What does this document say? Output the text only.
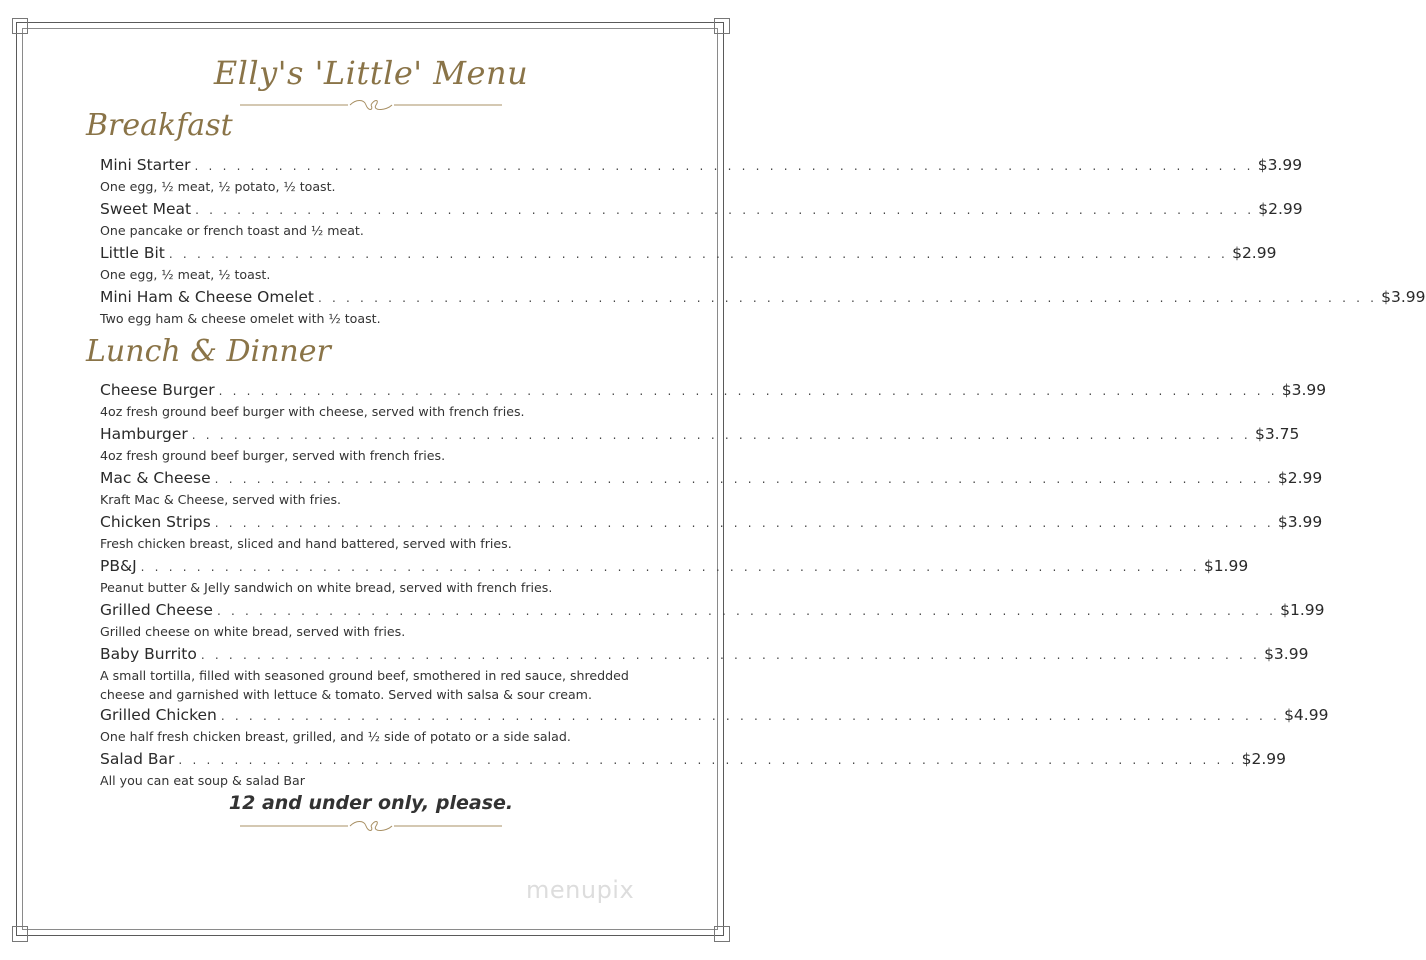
Elly's 'Little' Menu
Breakfast
Mini Starter . . . . . . . . . . . . . . . . . . . . . . . . . . . . . . . . . . . . . . . . . . . . . . . . . . . . . . . . . . . . . . . . . . . . . . . . . . . . $3.99
One egg, ½ meat, ½ potato, ½ toast.
Sweet Meat . . . . . . . . . . . . . . . . . . . . . . . . . . . . . . . . . . . . . . . . . . . . . . . . . . . . . . . . . . . . . . . . . . . . . . . . . . . . $2.99
One pancake or french toast and ½ meat.
Little Bit . . . . . . . . . . . . . . . . . . . . . . . . . . . . . . . . . . . . . . . . . . . . . . . . . . . . . . . . . . . . . . . . . . . . . . . . . . . . $2.99
One egg, ½ meat, ½ toast.
Mini Ham & Cheese Omelet . . . . . . . . . . . . . . . . . . . . . . . . . . . . . . . . . . . . . . . . . . . . . . . . . . . . . . . . . . . . . . . . . . . . . . . . . . . . $3.99
Two egg ham & cheese omelet with ½ toast.
Lunch & Dinner
Cheese Burger . . . . . . . . . . . . . . . . . . . . . . . . . . . . . . . . . . . . . . . . . . . . . . . . . . . . . . . . . . . . . . . . . . . . . . . . . . . . $3.99
4oz fresh ground beef burger with cheese, served with french fries.
Hamburger . . . . . . . . . . . . . . . . . . . . . . . . . . . . . . . . . . . . . . . . . . . . . . . . . . . . . . . . . . . . . . . . . . . . . . . . . . . . $3.75
4oz fresh ground beef burger, served with french fries.
Mac & Cheese . . . . . . . . . . . . . . . . . . . . . . . . . . . . . . . . . . . . . . . . . . . . . . . . . . . . . . . . . . . . . . . . . . . . . . . . . . . . $2.99
Kraft Mac & Cheese, served with fries.
Chicken Strips . . . . . . . . . . . . . . . . . . . . . . . . . . . . . . . . . . . . . . . . . . . . . . . . . . . . . . . . . . . . . . . . . . . . . . . . . . . . $3.99
Fresh chicken breast, sliced and hand battered, served with fries.
PB&J . . . . . . . . . . . . . . . . . . . . . . . . . . . . . . . . . . . . . . . . . . . . . . . . . . . . . . . . . . . . . . . . . . . . . . . . . . . . $1.99
Peanut butter & Jelly sandwich on white bread, served with french fries.
Grilled Cheese . . . . . . . . . . . . . . . . . . . . . . . . . . . . . . . . . . . . . . . . . . . . . . . . . . . . . . . . . . . . . . . . . . . . . . . . . . . . $1.99
Grilled cheese on white bread, served with fries.
Baby Burrito . . . . . . . . . . . . . . . . . . . . . . . . . . . . . . . . . . . . . . . . . . . . . . . . . . . . . . . . . . . . . . . . . . . . . . . . . . . . $3.99
A small tortilla, filled with seasoned ground beef, smothered in red sauce, shredded cheese and garnished with lettuce & tomato. Served with salsa & sour cream.
Grilled Chicken . . . . . . . . . . . . . . . . . . . . . . . . . . . . . . . . . . . . . . . . . . . . . . . . . . . . . . . . . . . . . . . . . . . . . . . . . . . . $4.99
One half fresh chicken breast, grilled, and ½ side of potato or a side salad.
Salad Bar . . . . . . . . . . . . . . . . . . . . . . . . . . . . . . . . . . . . . . . . . . . . . . . . . . . . . . . . . . . . . . . . . . . . . . . . . . . . $2.99
All you can eat soup & salad Bar
12 and under only, please.
menupix
